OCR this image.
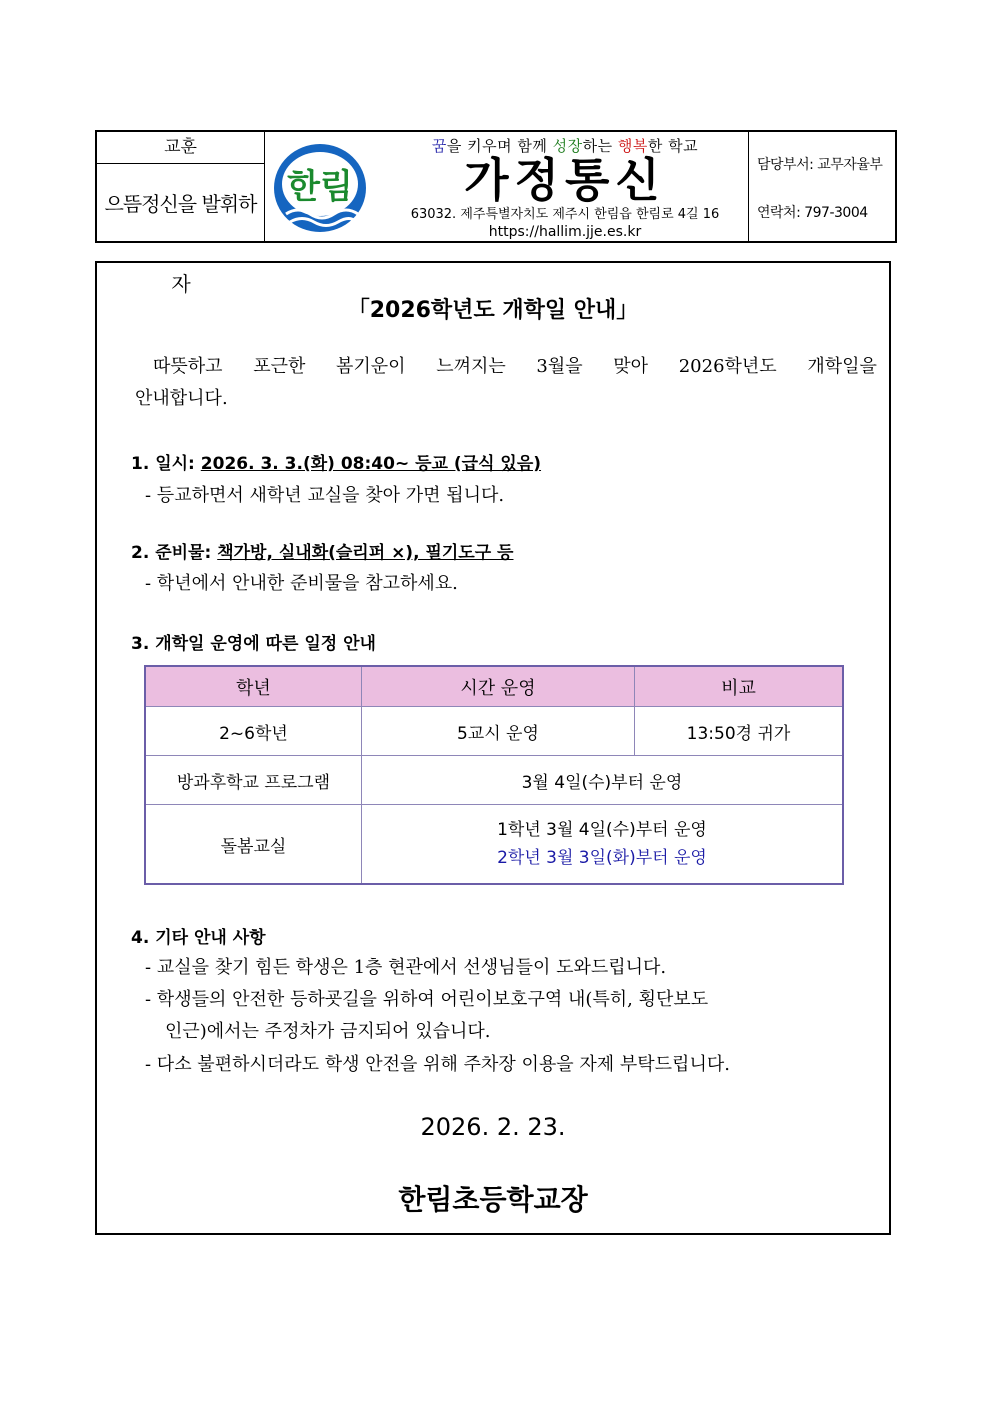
교훈
으뜸정신을 발휘하자
한림
꿈을 키우며 함께 성장하는 행복한 학교
가정통신
63032. 제주특별자치도 제주시 한림읍 한림로 4길 16
https://hallim.jje.es.kr
담당부서: 교무자율부
연락처: 797-3004
「2026학년도 개학일 안내」
따뜻하고 포근한 봄기운이 느껴지는 3월을 맞아 2026학년도 개학일을
안내합니다.
1. 일시: 2026. 3. 3.(화) 08:40~ 등교 (급식 있음)
- 등교하면서 새학년 교실을 찾아 가면 됩니다.
2. 준비물: 책가방, 실내화(슬리퍼 ×), 필기도구 등
- 학년에서 안내한 준비물을 참고하세요.
3. 개학일 운영에 따른 일정 안내
학년	시간 운영	비교
2~6학년	5교시 운영	13:50경 귀가
방과후학교 프로그램	3월 4일(수)부터 운영	
돌봄교실	1학년 3월 4일(수)부터 운영
2학년 3월 3일(화)부터 운영	
4. 기타 안내 사항
- 교실을 찾기 힘든 학생은 1층 현관에서 선생님들이 도와드립니다.
- 학생들의 안전한 등하굣길을 위하여 어린이보호구역 내(특히, 횡단보도
인근)에서는 주정차가 금지되어 있습니다.
- 다소 불편하시더라도 학생 안전을 위해 주차장 이용을 자제 부탁드립니다.
2026. 2. 23.
한림초등학교장
